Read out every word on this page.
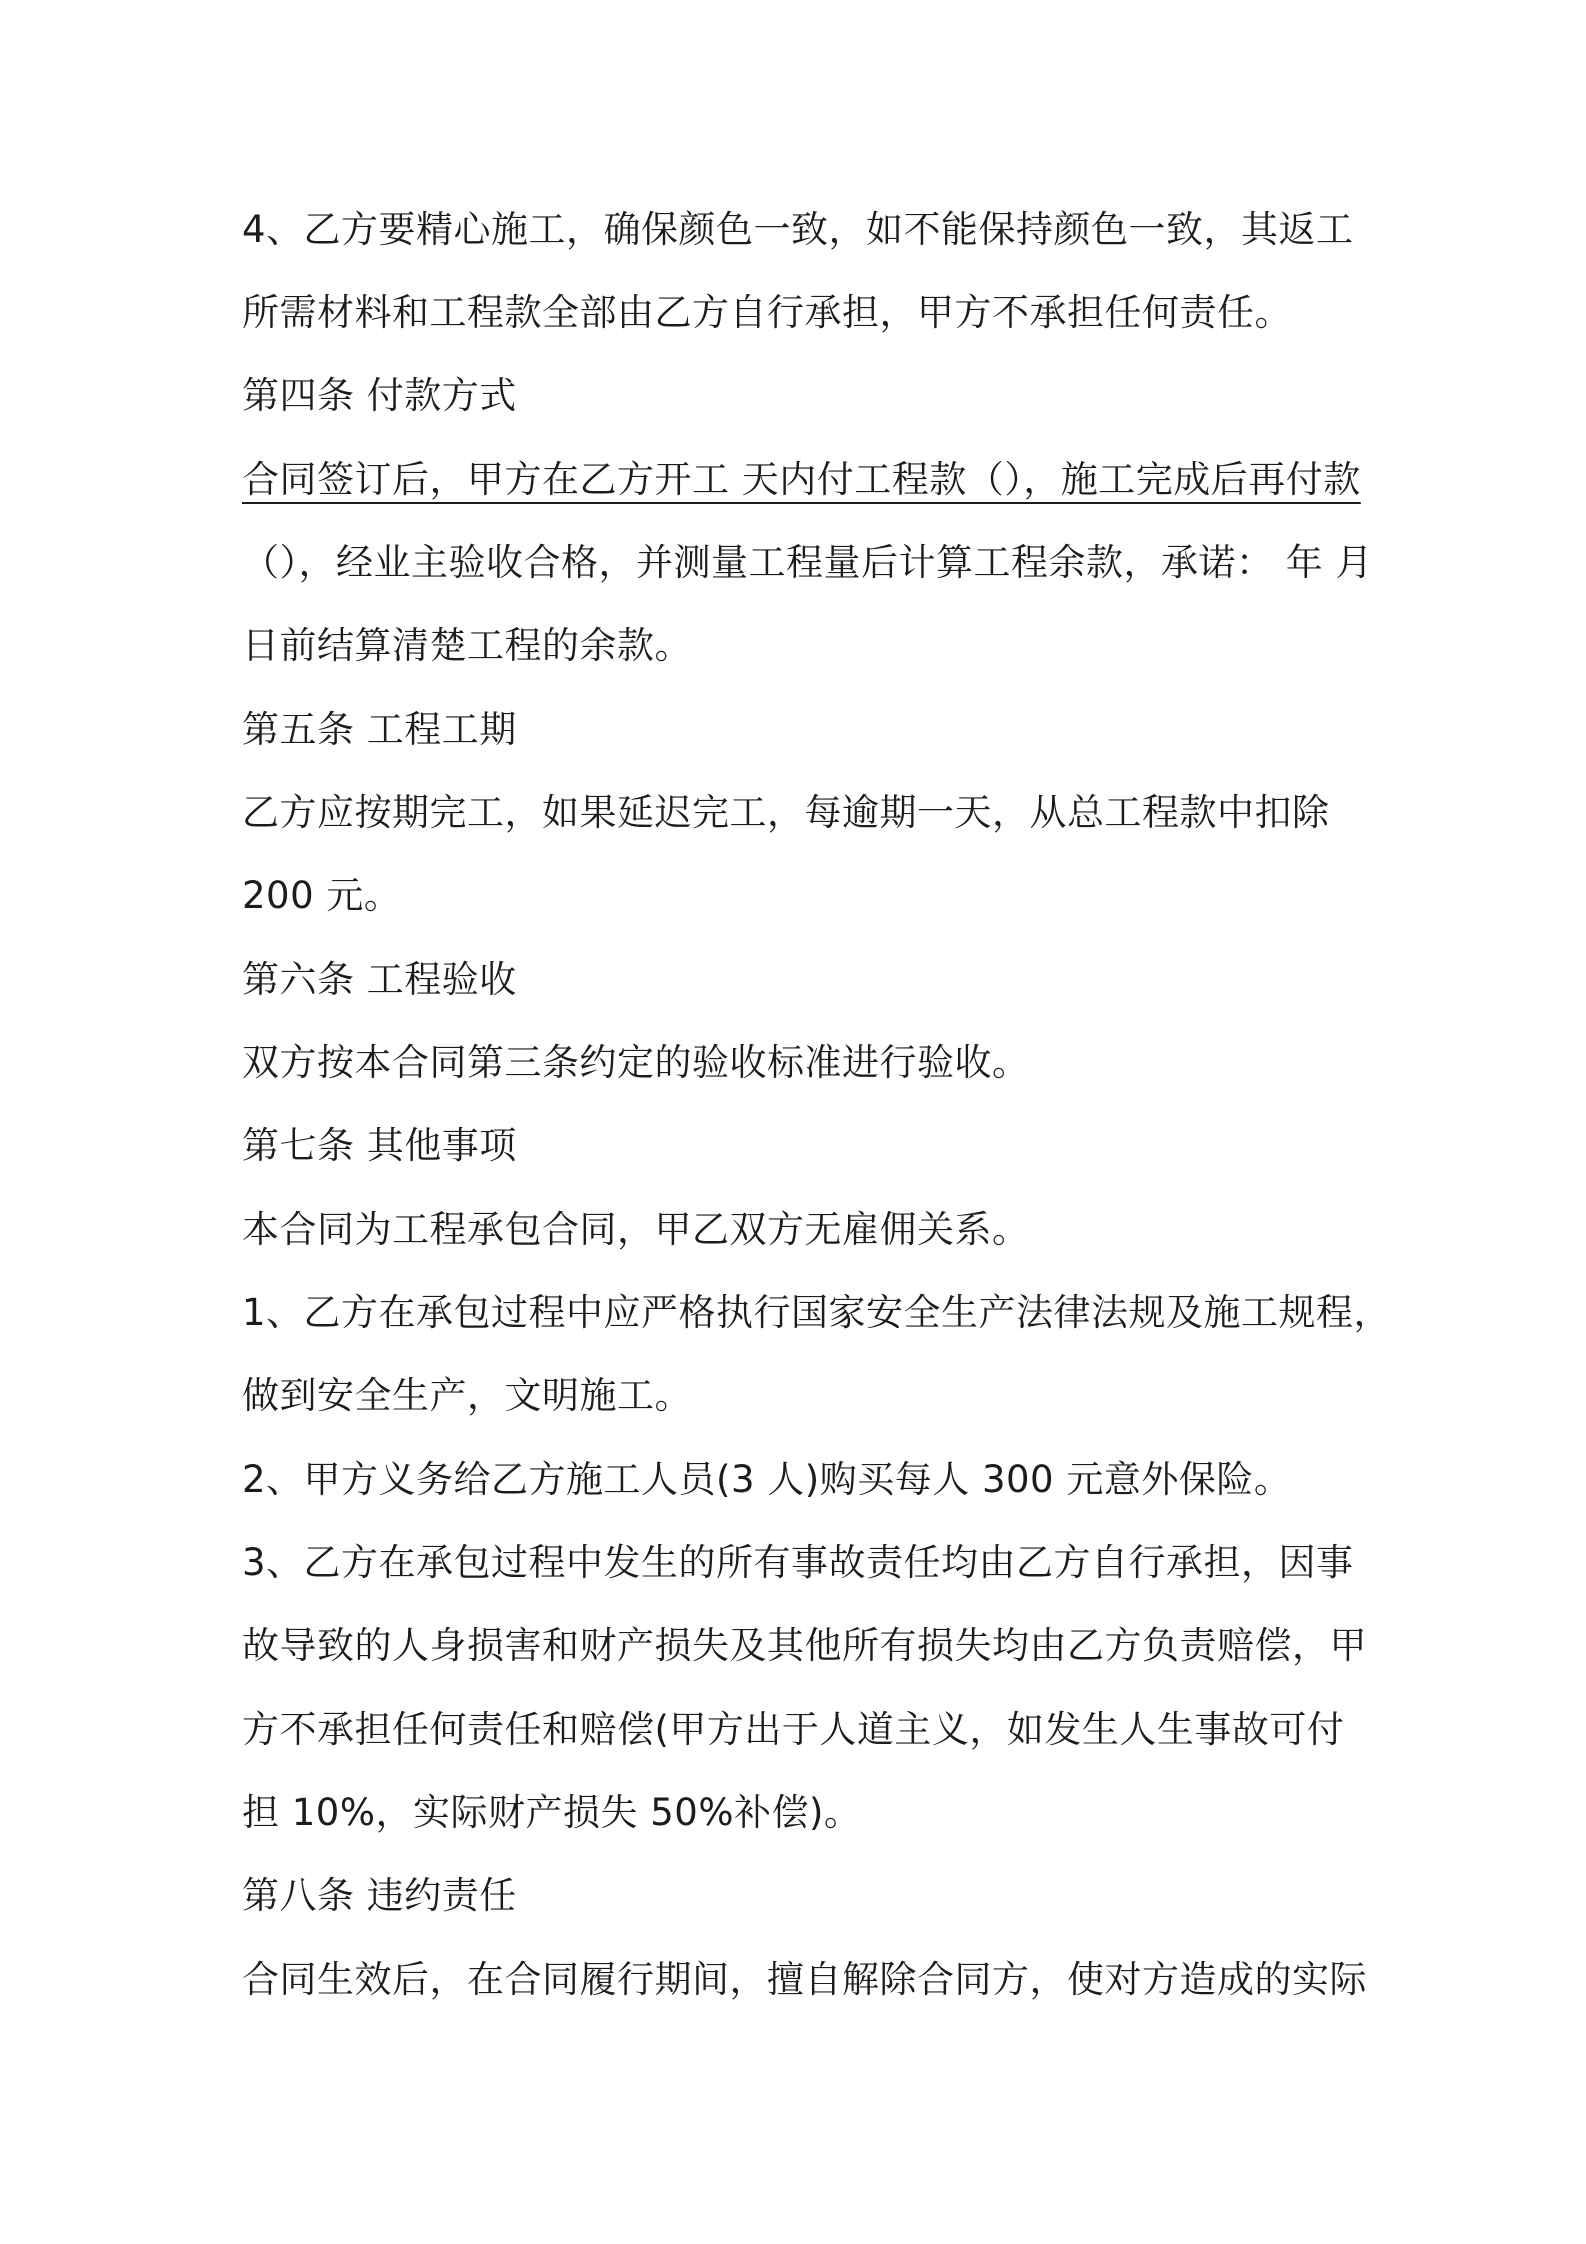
4、乙方要精心施工，确保颜色一致，如不能保持颜色一致，其返工
所需材料和工程款全部由乙方自行承担，甲方不承担任何责任。
第四条 付款方式
合同签订后，甲方在乙方开工 天内付工程款（），施工完成后再付款
（），经业主验收合格，并测量工程量后计算工程余款，承诺： 年 月
日前结算清楚工程的余款。
第五条 工程工期
乙方应按期完工，如果延迟完工，每逾期一天，从总工程款中扣除
200 元。
第六条 工程验收
双方按本合同第三条约定的验收标准进行验收。
第七条 其他事项
本合同为工程承包合同，甲乙双方无雇佣关系。
1、乙方在承包过程中应严格执行国家安全生产法律法规及施工规程，
做到安全生产，文明施工。
2、甲方义务给乙方施工人员(3 人)购买每人 300 元意外保险。
3、乙方在承包过程中发生的所有事故责任均由乙方自行承担，因事
故导致的人身损害和财产损失及其他所有损失均由乙方负责赔偿，甲
方不承担任何责任和赔偿(甲方出于人道主义，如发生人生事故可付
担 10%，实际财产损失 50%补偿)。
第八条 违约责任
合同生效后，在合同履行期间，擅自解除合同方，使对方造成的实际
